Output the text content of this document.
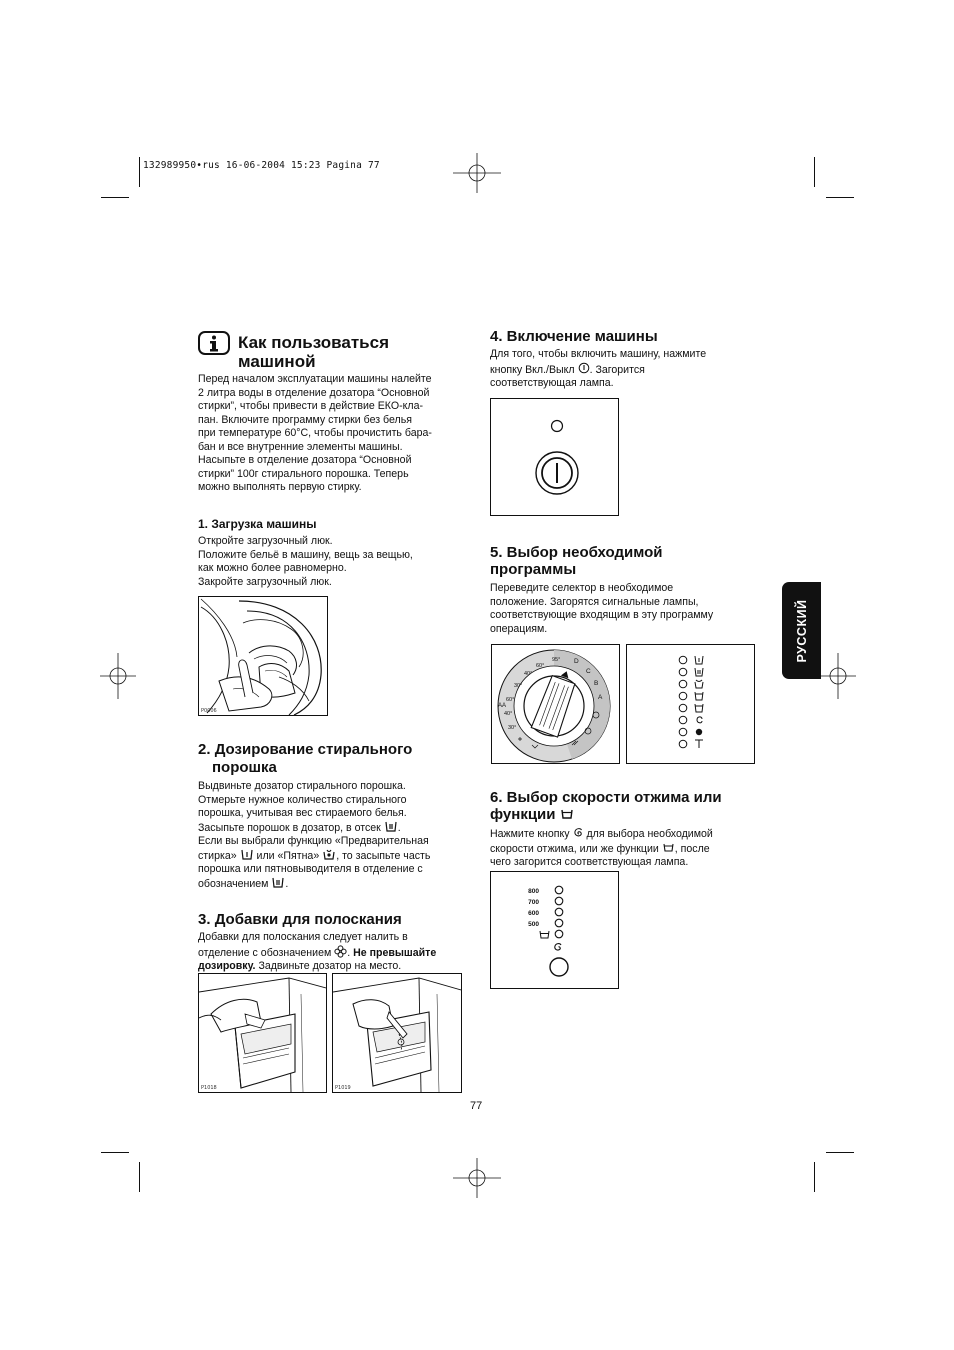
132989950•rus 16-06-2004 15:23 Pagina 77
РУССКИЙ
Как пользоваться
машиной

Перед началом эксплуатации машины налейте

2 литра воды в отделение дозатора “Основной

стирки”, чтобы привести в действие ЕКО-кла-

пан. Включите программу стирки без белья

при температуре 60°С, чтобы прочистить бара-

бан и все внутренние элементы машины.

Насыпьте в отделение дозатора “Основной

стирки” 100г стирального порошка. Теперь

можно выполнять первую стирку.

1. Загрузка машины

Откройте загрузочный люк.

Положите бельё в машину, вещь за вещью,

как можно более равномерно.

Закройте загрузочный люк.

P0006
2. Дозирование стирального
порошка

Выдвиньте дозатор стирального порошка.

Отмерьте нужное количество стирального

порошка, учитывая вес стираемого белья.

Засыпьте порошок в дозатор, в отсек .

Если вы выбрали функцию «Предварительная

стирка» или «Пятна» , то засыпьте часть

порошка или пятновыводителя в отделение с

обозначением .

3. Добавки для полоскания

Добавки для полоскания следует налить в

отделение с обозначением . Не превышайте

дозировку. Задвиньте дозатор на место.

P1018	P1019
4. Включение машины

Для того, чтобы включить машину, нажмите

кнопку Вкл./Выкл . Загорится

соответствующая лампа.

5. Выбор необходимой
программы

Переведите селектор в необходимое

положение. Загорятся сигнальные лампы,

соответствующие входящим в эту программу

операциям.

95°
60°
40°
30°
60°
40°
30°
D
C
B
A
AA
6. Выбор скорости отжима или
функции

Нажмите кнопку для выбора необходимой

скорости отжима, или же функции , после

чего загорится соответствующая лампа.

800
700
600
500
77
